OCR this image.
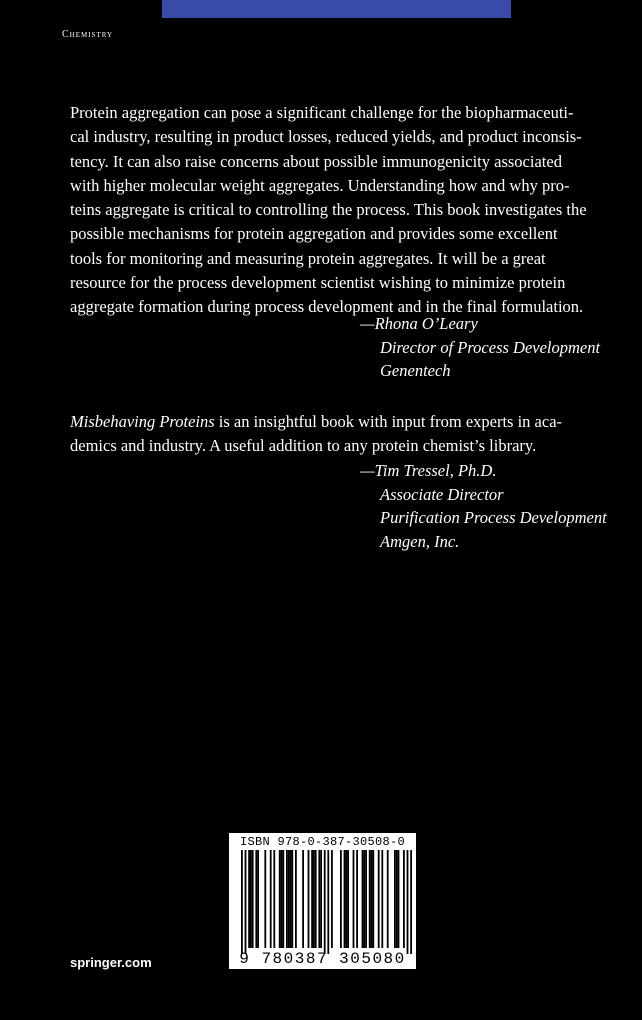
Chemistry
Protein aggregation can pose a significant challenge for the biopharmaceuti-
cal industry, resulting in product losses, reduced yields, and product inconsis-
tency. It can also raise concerns about possible immunogenicity associated
with higher molecular weight aggregates. Understanding how and why pro-
teins aggregate is critical to controlling the process. This book investigates the
possible mechanisms for protein aggregation and provides some excellent
tools for monitoring and measuring protein aggregates. It will be a great
resource for the process development scientist wishing to minimize protein
aggregate formation during process development and in the final formulation.
—Rhona O’Leary
Director of Process Development
Genentech
Misbehaving Proteins is an insightful book with input from experts in aca-
demics and industry. A useful addition to any protein chemist’s library.
—Tim Tressel, Ph.D.
Associate Director
Purification Process Development
Amgen, Inc.
ISBN 978-0-387-30508-0
9 780387 305080
springer.com
